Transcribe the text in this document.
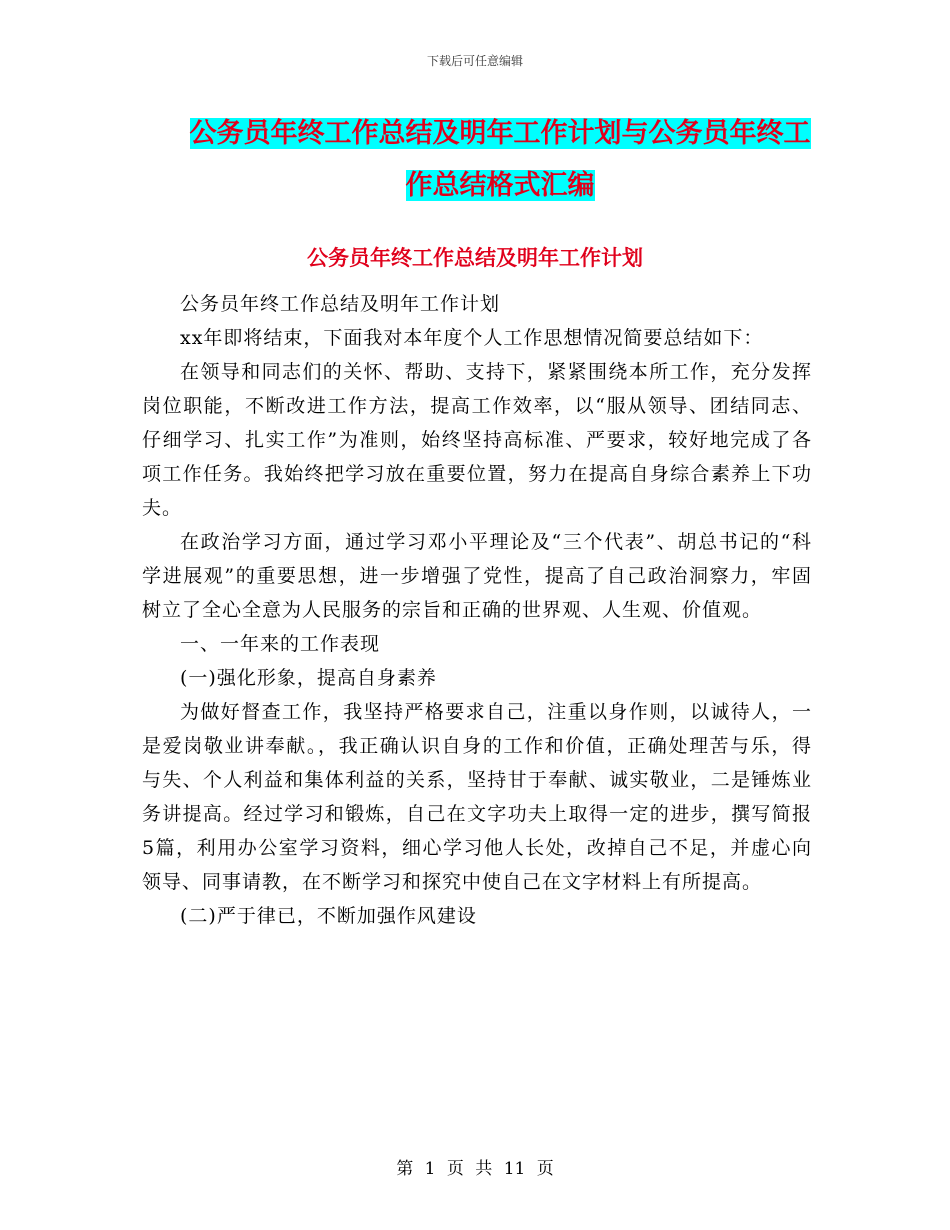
下载后可任意编辑
公务员年终工作总结及明年工作计划与公务员年终工
作总结格式汇编
公务员年终工作总结及明年工作计划

公务员年终工作总结及明年工作计划

xx年即将结束，下面我对本年度个人工作思想情况简要总结如下：

在领导和同志们的关怀、帮助、支持下，紧紧围绕本所工作，充分发挥岗位职能，不断改进工作方法，提高工作效率，以“服从领导、团结同志、仔细学习、扎实工作”为准则，始终坚持高标准、严要求，较好地完成了各项工作任务。我始终把学习放在重要位置，努力在提高自身综合素养上下功夫。

在政治学习方面，通过学习邓小平理论及“三个代表”、胡总书记的“科学进展观”的重要思想，进一步增强了党性，提高了自己政治洞察力，牢固树立了全心全意为人民服务的宗旨和正确的世界观、人生观、价值观。

一、一年来的工作表现

(一)强化形象，提高自身素养

为做好督查工作，我坚持严格要求自己，注重以身作则，以诚待人，一是爱岗敬业讲奉献。，我正确认识自身的工作和价值，正确处理苦与乐，得与失、个人利益和集体利益的关系，坚持甘于奉献、诚实敬业，二是锤炼业务讲提高。经过学习和锻炼，自己在文字功夫上取得一定的进步，撰写简报5篇，利用办公室学习资料，细心学习他人长处，改掉自己不足，并虚心向领导、同事请教，在不断学习和探究中使自己在文字材料上有所提高。

(二)严于律已，不断加强作风建设

第 1 页 共 11 页
